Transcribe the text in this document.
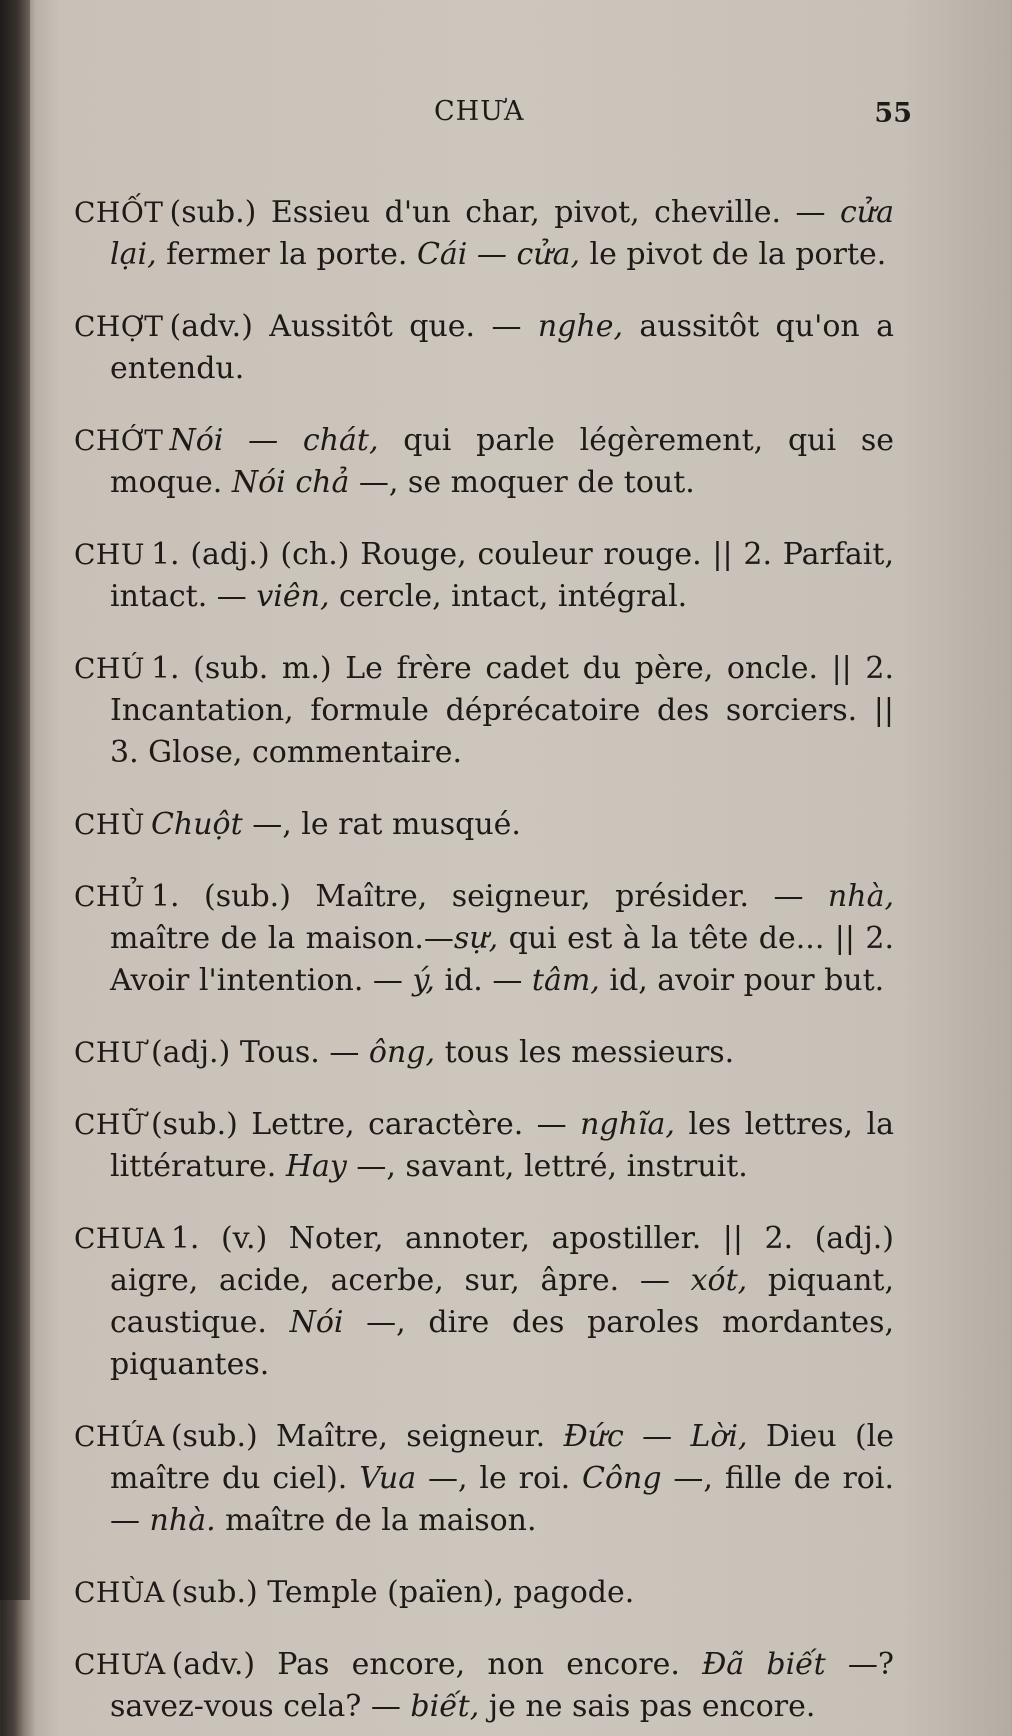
CHƯA	55

CHỐT (sub.) Essieu d'un char, pivot, cheville. — cửa lại, fermer la porte. Cái — cửa, le pivot de la porte.

CHỢT (adv.) Aussitôt que. — nghe, aussitôt qu'on a entendu.

CHỚT Nói — chát, qui parle légèrement, qui se moque. Nói chả —, se moquer de tout.

CHU 1. (adj.) (ch.) Rouge, couleur rouge. || 2. Parfait, intact. — viên, cercle, intact, intégral.

CHÚ 1. (sub. m.) Le frère cadet du père, oncle. || 2. Incantation, formule déprécatoire des sorciers. || 3. Glose, commentaire.

CHÙ Chuột —, le rat musqué.

CHỦ 1. (sub.) Maître, seigneur, présider. — nhà, maître de la maison.—sự, qui est à la tête de... || 2. Avoir l'intention. — ý, id. — tâm, id, avoir pour but.

CHƯ (adj.) Tous. — ông, tous les messieurs.

CHỮ (sub.) Lettre, caractère. — nghĩa, les lettres, la littérature. Hay —, savant, lettré, instruit.

CHUA 1. (v.) Noter, annoter, apostiller. || 2. (adj.) aigre, acide, acerbe, sur, âpre. — xót, piquant, caustique. Nói —, dire des paroles mordantes, piquantes.

CHÚA (sub.) Maître, seigneur. Đức — Lời, Dieu (le maître du ciel). Vua —, le roi. Công —, fille de roi. — nhà. maître de la maison.

CHÙA (sub.) Temple (païen), pagode.

CHƯA (adv.) Pas encore, non encore. Đã biết —? savez-vous cela? — biết, je ne sais pas encore.
